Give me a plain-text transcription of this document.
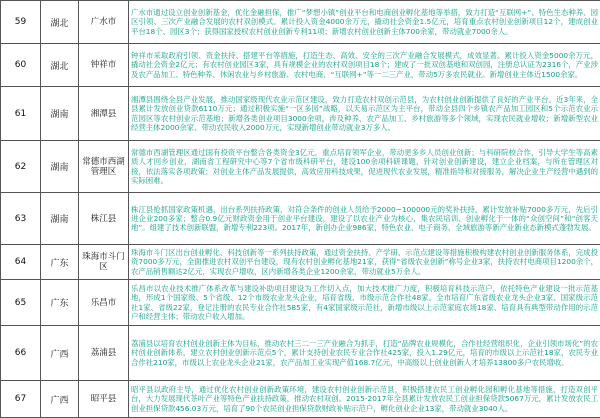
59	湖北	广水市	广水市通过设立创业创新基金，优化金融担保，推广“梦想小镇”创业平台和电商创业孵化基地等举措，致力打造“互联网+”、特色生态种养、园区引领、三次产业融合发展的农村双创模式。累计投入资金4000余万元，撬动社会资金1.5亿元，培育重点农村创业创新项目12个，建成创业平台18个、园区3个；获得国家授权农村创业创新专利11项；新增农村创业创新主体700余家，带动就业7000余人。
60	湖北	钟祥市	钟祥市采取政府引领、资金扶持、搭建平台等措施，打造生态、高效、安全的三次产业融合发展模式，成效显著。累计投入资金5000余万元，撬动社会资金2亿元；有农村创业园区3家，具有规模企业的农村双创项目18个；建成了一批双创基地和双创园，注册总认证为2316个，产业涉及农产品加工、特色种养、休闲农业与乡村旅游、农村电商、“互联网+”等一二三产业，带动5万多农民就业。新增创业主体近1500余家。
61	湖南	湘潭县	湘潭县围绕全县产业发展，推动国家级现代农业示范区建设，致力打造农村双创示范县，为农村创业创新提供了良好的产业平台。近3年来，全县累计发放创业贷款6110万元；通过积极实施“一区多园”战略，以天易示范区为主平台，带动全县四个乡镇农产品加工园区和5个示范农业示范园区等农村创业示范基地；新增各类创业项目3000余项，涉及种养、农产品加工、乡村旅游等多个领域，实现农民就业增收；新增新型农业经营主体2000余家、带动农民收入2000万元，实现新增创业带动就业3万多人。
62	湖南	常德市西湖管理区	常德市西湖管理区通过国有投资平台整合各类资金3亿元，重点培育领军企业，带动更多乡人员创业创新；与科研院校合作，引导大学生等高素质人才回乡创业，湖南省工程研究中心等7个省市级科研平台，建设100余项科研课题，针对创业创新建设，建立企业档案，与所在管理区对接，依法落实各项政策；对创业主体产品发展提供，高效应用科技成果，促进现代农业发展，精准指导和对接服务，解决企业生产经营中遇到的实际困难。
63	湖南	株江县	株江县抢抓国家政策机遇，出台系列扶持政策，对符合条件的创业人员给予2000~100000元的奖补扶持，累计发放补贴7000多万元，先后引进企业200多家；整合0.9亿元财政资金用于创业平台建设，建设了以农业产业为核心，集农民培训、创业孵化于一体的“众创空间”和“创客天地”。组建了技术创新联盟，新增专利223项。2017年，新创办企业986家，特色农业、电子商务、全域旅游等新产业新业态新模式蓬勃发展。
64	广东	珠海市斗门区	珠海市斗门区出台创业孵化、科技创新等一系列扶持政策，通过资金扶持、产学研、示范点建设等措施积极构建农村创业创新服务体系，完成投资7000多万元，全面推进农村双创平台建设，现有农村创业孵化基地21家，获得“省级农业创新”称号企业3家，扶持农村电商项目1200余个，农产品销售额达2亿元，实现农户增收，区内新增各类企业1200余家，带动就业5万余人。
65	广东	乐昌市	乐昌市以农业技术推广体系改革与建设补助项目建设为工作切入点，加大技术推广力度，积极培育科技示范户，依托特色产业建设一批示范基地，形成1个国家级、5个省级、12个市级农业龙头企业，培育省级、市级示范合作社48家。全市培育广东省级农业龙头企业3家、国家级示范社1家、省级22家，登记注册的农民专业合作社585家，有4家国家级示范社，新增市级以上示范家庭农场18家、培育具有典型带动作用的示范户和经营主体；带动农户收入增加。
66	广西	荔浦县	荔浦县以培育农村创业创新主体为目标，推动农村三二一三产业融合为抓手，打造“品牌农业规模化，合作社经营组织化，企业引领市场化”的农村创业创新体系，建立农村创业创新示范点5个，累计支持创业农民专业合作社425家，投入1.29亿元，培育的市级以上示范社18家，农民专业合作社210家，市级以上农业龙头企业21家，农产品加工业实现产值168.7亿元，中高级以上创业创新人才培养13800多户农民增收。
67	广西	昭平县	昭平县以政府主导，通过优化农村创业创新政策环境，建设农村创业创新示范县，积极搭建农民工创业孵化园和孵化基地等措施，打造双创平台，大力发展现代茶叶产业等特色产业扶持政策，推动农村双创。2015-2017年全县累计发放农民工创业担保贷款5067万元，累计发放农民工创业担保贷款456.03万元，培育了90个农民创业担保贷款财政补贴示范户，孵化创业企业13家，带动就业3040人。
